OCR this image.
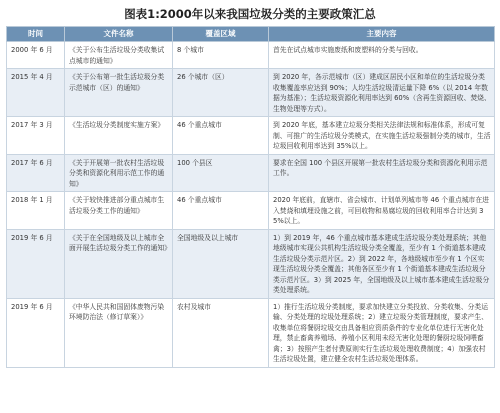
图表1:2000年以来我国垃圾分类的主要政策汇总
时间	文件名称	覆盖区域	主要内容
2000 年 6 月	《关于公布生活垃圾分类收集试点城市的通知》	8 个城市	首先在试点城市实施废纸和废塑料的分类与回收。
2015 年 4 月	《关于公布第一批生活垃圾分类示范城市（区）的通知》	26 个城市（区）	到 2020 年，各示范城市（区）建成区居民小区和单位的生活垃圾分类收集覆盖率应达到 90%；人均生活垃圾清运量下降 6%（以 2014 年数据为基准）；生活垃圾资源化利用率达到 60%（含再生资源回收、焚烧、生物处理等方式）。
2017 年 3 月	《生活垃圾分类制度实施方案》	46 个重点城市	到 2020 年底，基本建立垃圾分类相关法律法规和标准体系，形成可复制、可推广的生活垃圾分类模式，在实施生活垃圾强制分类的城市，生活垃圾回收利用率达到 35%以上。
2017 年 6 月	《关于开展第一批农村生活垃圾分类和资源化利用示范工作的通知》	100 个县区	要求在全国 100 个县区开展第一批农村生活垃圾分类和资源化利用示范工作。
2018 年 1 月	《关于较快推进部分重点城市生活垃圾分类工作的通知》	46 个重点城市	2020 年底前，直辖市、省会城市、计划单列城市等 46 个重点城市在进入焚烧和填埋设施之前，可回收物和易腐垃圾的回收利用率合计达到 35%以上。
2019 年 6 月	《关于在全国地级及以上城市全面开展生活垃圾分类工作的通知》	全国地级及以上城市	1）到 2019 年，46 个重点城市基本建成生活垃圾分类处理系统；其他地级城市实现公共机构生活垃圾分类全覆盖，至少有 1 个街道基本建成生活垃圾分类示范片区。2）到 2022 年，各地级城市至少有 1 个区实现生活垃圾分类全覆盖；其他各区至少有 1 个街道基本建成生活垃圾分类示范片区。3）到 2025 年，全国地级及以上城市基本建成生活垃圾分类处理系统。
2019 年 6 月	《中华人民共和国固体废物污染环境防治法（修订草案）》	农村及城市	1）推行生活垃圾分类制度，要求加快建立分类投放、分类收集、分类运输、分类处理的垃圾处理系统；2）建立垃圾分类管理制度，要求产生、收集单位将餐厨垃圾交由具备相应资质条件的专业化单位进行无害化处理，禁止畜禽养殖场、养殖小区利用未经无害化处理的餐厨垃圾饲喂畜禽；3）按照产生者付费原则实行生活垃圾处理收费制度；4）加强农村生活垃圾处置，建立健全农村生活垃圾处理体系。
